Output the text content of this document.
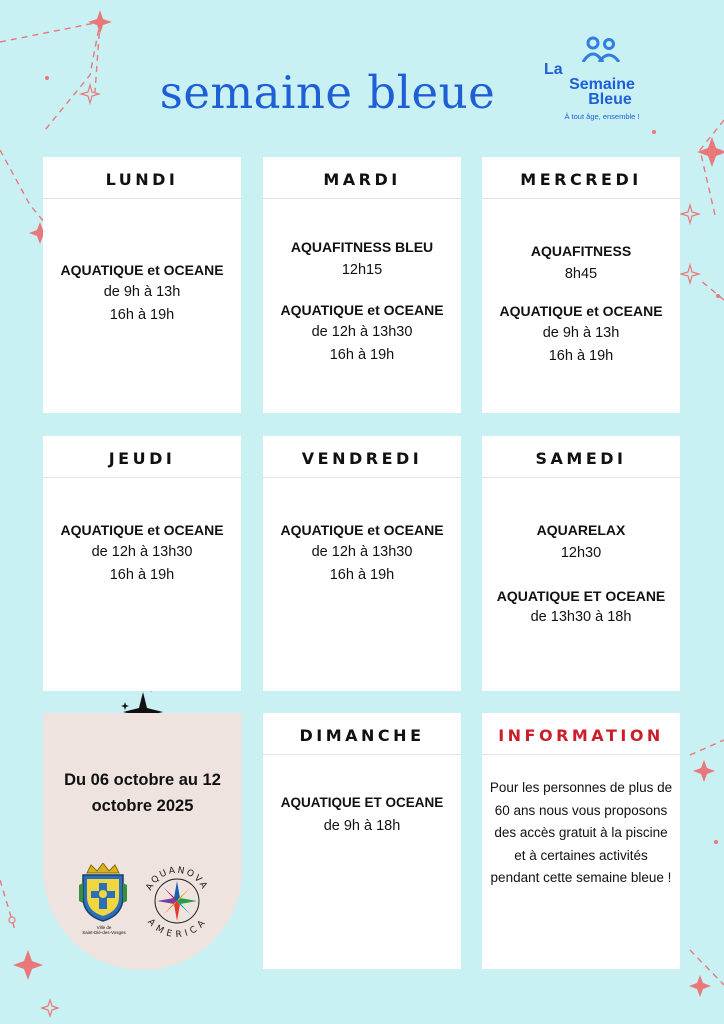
semaine bleue	La
Semaine
Bleue
À tout âge, ensemble !
LUNDI
AQUATIQUE et OCEANE
de 9h à 13h
16h à 19h
MARDI
AQUAFITNESS BLEU
12h15
AQUATIQUE et OCEANE
de 12h à 13h30
16h à 19h
MERCREDI
AQUAFITNESS
8h45
AQUATIQUE et OCEANE
de 9h à 13h
16h à 19h
JEUDI
AQUATIQUE et OCEANE
de 12h à 13h30
16h à 19h
VENDREDI
AQUATIQUE et OCEANE
de 12h à 13h30
16h à 19h
SAMEDI
AQUARELAX
12h30
AQUATIQUE ET OCEANE
de 13h30 à 18h
Du 06 octobre au 12 octobre 2025
Ville de
Saint-Dié-des-Vosges
AQUANOVA
AMERICA
DIMANCHE
AQUATIQUE ET OCEANE
de 9h à 18h
INFORMATION
Pour les personnes de plus de 60 ans nous vous proposons des accès gratuit à la piscine et à certaines activités pendant cette semaine bleue !
